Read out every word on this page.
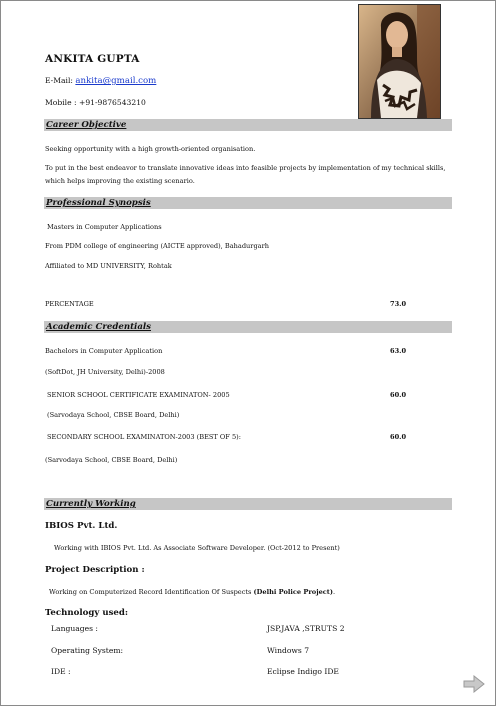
ANKITA GUPTA
E-Mail: ankita@gmail.com
Mobile : +91-9876543210
Career Objective
Seeking opportunity with a high growth-oriented organisation.
To put in the best endeavor to translate innovative ideas into feasible projects by implementation of my technical skills,
which helps improving the existing scenario.
Professional Synopsis
Masters in Computer Applications
From PDM college of engineering (AICTE approved), Bahadurgarh
Affiliated to MD UNIVERSITY, Rohtak
PERCENTAGE	73.0
Academic Credentials
Bachelors in Computer Application	63.0
(SoftDot, JH University, Delhi)-2008
SENIOR SCHOOL CERTIFICATE EXAMINATON- 2005	60.0
(Sarvodaya School, CBSE Board, Delhi)
SECONDARY SCHOOL EXAMINATON-2003 (BEST OF 5):	60.0
(Sarvodaya School, CBSE Board, Delhi)
Currently Working
IBIOS Pvt. Ltd.
Working with IBIOS Pvt. Ltd. As Associate Software Developer. (Oct-2012 to Present)
Project Description :
Working on Computerized Record Identification Of Suspects (Delhi Police Project).
Technology used:
Languages :	JSP,JAVA ,STRUTS 2
Operating System:	Windows 7
IDE :	Eclipse Indigo IDE
